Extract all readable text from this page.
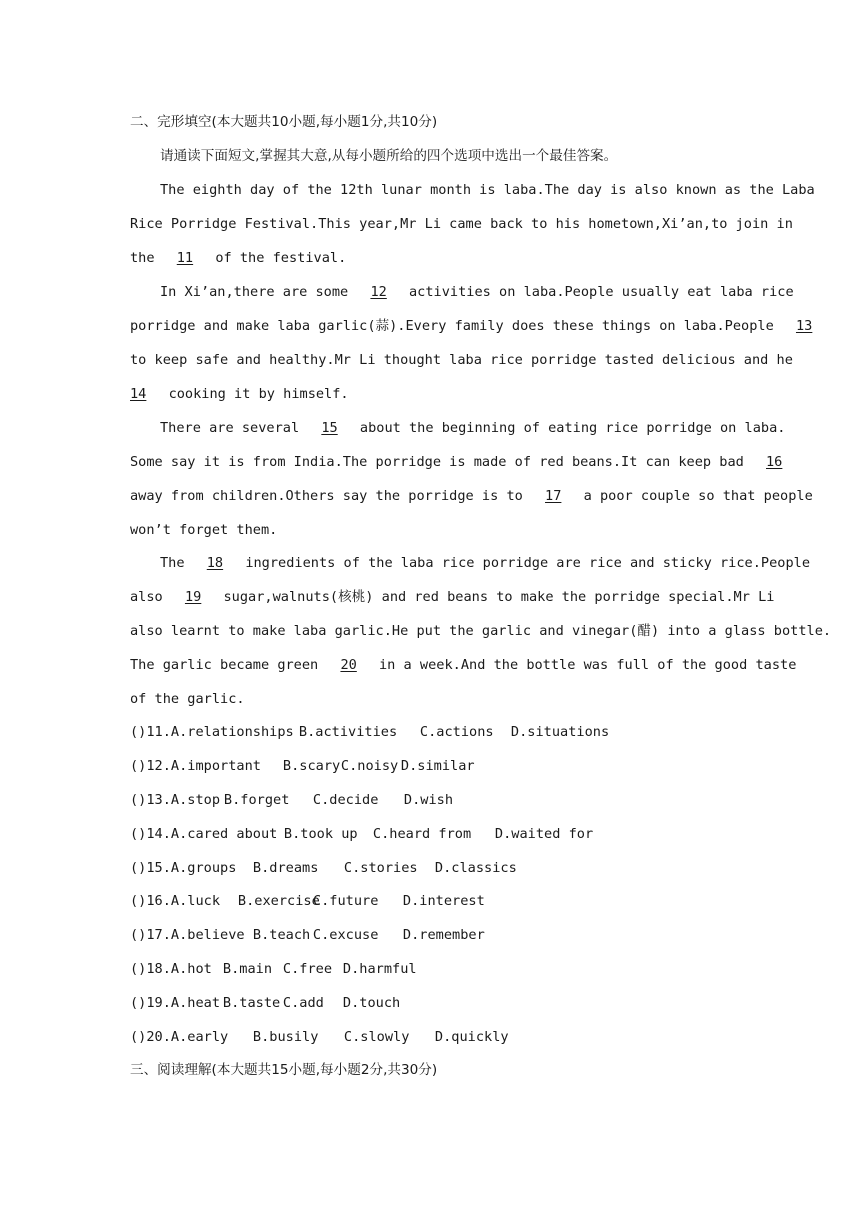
二、完形填空(本大题共10小题,每小题1分,共10分)
请通读下面短文,掌握其大意,从每小题所给的四个选项中选出一个最佳答案。
The eighth day of the 12th lunar month is laba.The day is also known as the Laba
Rice Porridge Festival.This year,Mr Li came back to his hometown,Xi’an,to join in
the 11 of the festival.
In Xi’an,there are some 12 activities on laba.People usually eat laba rice
porridge and make laba garlic(蒜).Every family does these things on laba.People 13
to keep safe and healthy.Mr Li thought laba rice porridge tasted delicious and he
14 cooking it by himself.
There are several 15 about the beginning of eating rice porridge on laba.
Some say it is from India.The porridge is made of red beans.It can keep bad 16
away from children.Others say the porridge is to 17 a poor couple so that people
won’t forget them.
The 18 ingredients of the laba rice porridge are rice and sticky rice.People
also 19 sugar,walnuts(核桃) and red beans to make the porridge special.Mr Li
also learnt to make laba garlic.He put the garlic and vinegar(醋) into a glass bottle.
The garlic became green 20 in a week.And the bottle was full of the good taste
of the garlic.
()11.A.relationships B.activities C.actions D.situations
()12.A.important B.scaryC.noisy D.similar
()13.A.stop B.forget C.decide D.wish
()14.A.cared about B.took up C.heard from D.waited for
()15.A.groups B.dreams C.stories D.classics
()16.A.luck B.exerciseC.future D.interest
()17.A.believe B.teach C.excuse D.remember
()18.A.hot B.main C.free D.harmful
()19.A.heat B.taste C.add D.touch
()20.A.early B.busily C.slowly D.quickly
三、阅读理解(本大题共15小题,每小题2分,共30分)
